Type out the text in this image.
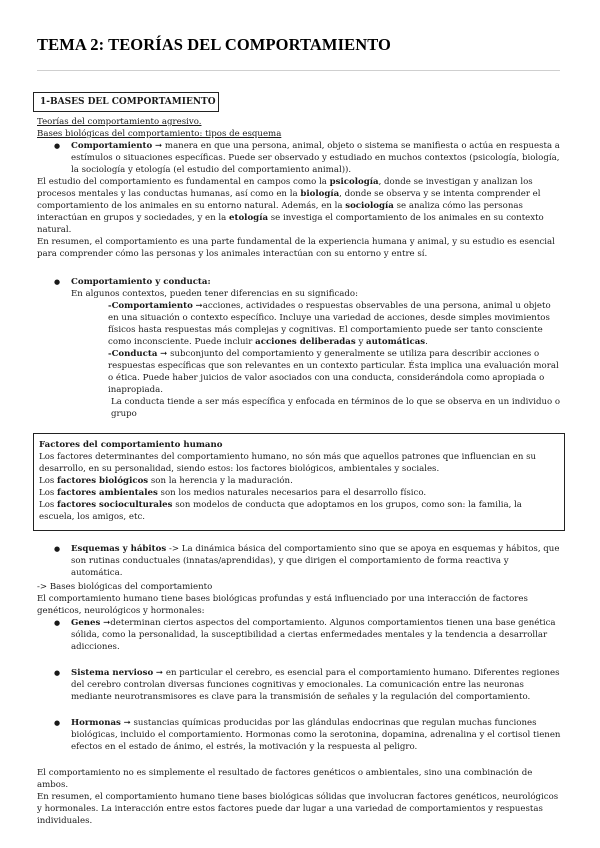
TEMA 2: TEORÍAS DEL COMPORTAMIENTO
1-BASES DEL COMPORTAMIENTO
Teorías del comportamiento agresivo.
Bases biológicas del comportamiento: tipos de esquema
● Comportamiento ➞ manera en que una persona, animal, objeto o sistema se manifiesta o actúa en respuesta a estímulos o situaciones específicas. Puede ser observado y estudiado en muchos contextos (psicología, biología, la sociología y etología (el estudio del comportamiento animal)).
El estudio del comportamiento es fundamental en campos como la psicología, donde se investigan y analizan los procesos mentales y las conductas humanas, así como en la biología, donde se observa y se intenta comprender el comportamiento de los animales en su entorno natural. Además, en la sociología se analiza cómo las personas interactúan en grupos y sociedades, y en la etología se investiga el comportamiento de los animales en su contexto natural.
En resumen, el comportamiento es una parte fundamental de la experiencia humana y animal, y su estudio es esencial para comprender cómo las personas y los animales interactúan con su entorno y entre sí.
● Comportamiento y conducta:
En algunos contextos, pueden tener diferencias en su significado:
-Comportamiento ➞acciones, actividades o respuestas observables de una persona, animal u objeto en una situación o contexto específico. Incluye una variedad de acciones, desde simples movimientos físicos hasta respuestas más complejas y cognitivas. El comportamiento puede ser tanto consciente como inconsciente. Puede incluir acciones deliberadas y automáticas.
-Conducta ➞ subconjunto del comportamiento y generalmente se utiliza para describir acciones o respuestas específicas que son relevantes en un contexto particular. Ésta implica una evaluación moral o ética. Puede haber juicios de valor asociados con una conducta, considerándola como apropiada o inapropiada.
La conducta tiende a ser más específica y enfocada en términos de lo que se observa en un individuo o grupo
Factores del comportamiento humano
Los factores determinantes del comportamiento humano, no són más que aquellos patrones que influencian en su desarrollo, en su personalidad, siendo estos: los factores biológicos, ambientales y sociales.
Los factores biológicos son la herencia y la maduración.
Los factores ambientales son los medios naturales necesarios para el desarrollo físico.
Los factores socioculturales son modelos de conducta que adoptamos en los grupos, como son: la familia, la escuela, los amigos, etc.
● Esquemas y hábitos -> La dinámica básica del comportamiento sino que se apoya en esquemas y hábitos, que son rutinas conductuales (innatas/aprendidas), y que dirigen el comportamiento de forma reactiva y automática.
-> Bases biológicas del comportamiento
El comportamiento humano tiene bases biológicas profundas y está influenciado por una interacción de factores genéticos, neurológicos y hormonales:
● Genes ➞determinan ciertos aspectos del comportamiento. Algunos comportamientos tienen una base genética sólida, como la personalidad, la susceptibilidad a ciertas enfermedades mentales y la tendencia a desarrollar adicciones.
● Sistema nervioso ➞ en particular el cerebro, es esencial para el comportamiento humano. Diferentes regiones del cerebro controlan diversas funciones cognitivas y emocionales. La comunicación entre las neuronas mediante neurotransmisores es clave para la transmisión de señales y la regulación del comportamiento.
● Hormonas ➞ sustancias químicas producidas por las glándulas endocrinas que regulan muchas funciones biológicas, incluido el comportamiento. Hormonas como la serotonina, dopamina, adrenalina y el cortisol tienen efectos en el estado de ánimo, el estrés, la motivación y la respuesta al peligro.
El comportamiento no es simplemente el resultado de factores genéticos o ambientales, sino una combinación de ambos.
En resumen, el comportamiento humano tiene bases biológicas sólidas que involucran factores genéticos, neurológicos y hormonales. La interacción entre estos factores puede dar lugar a una variedad de comportamientos y respuestas individuales.
